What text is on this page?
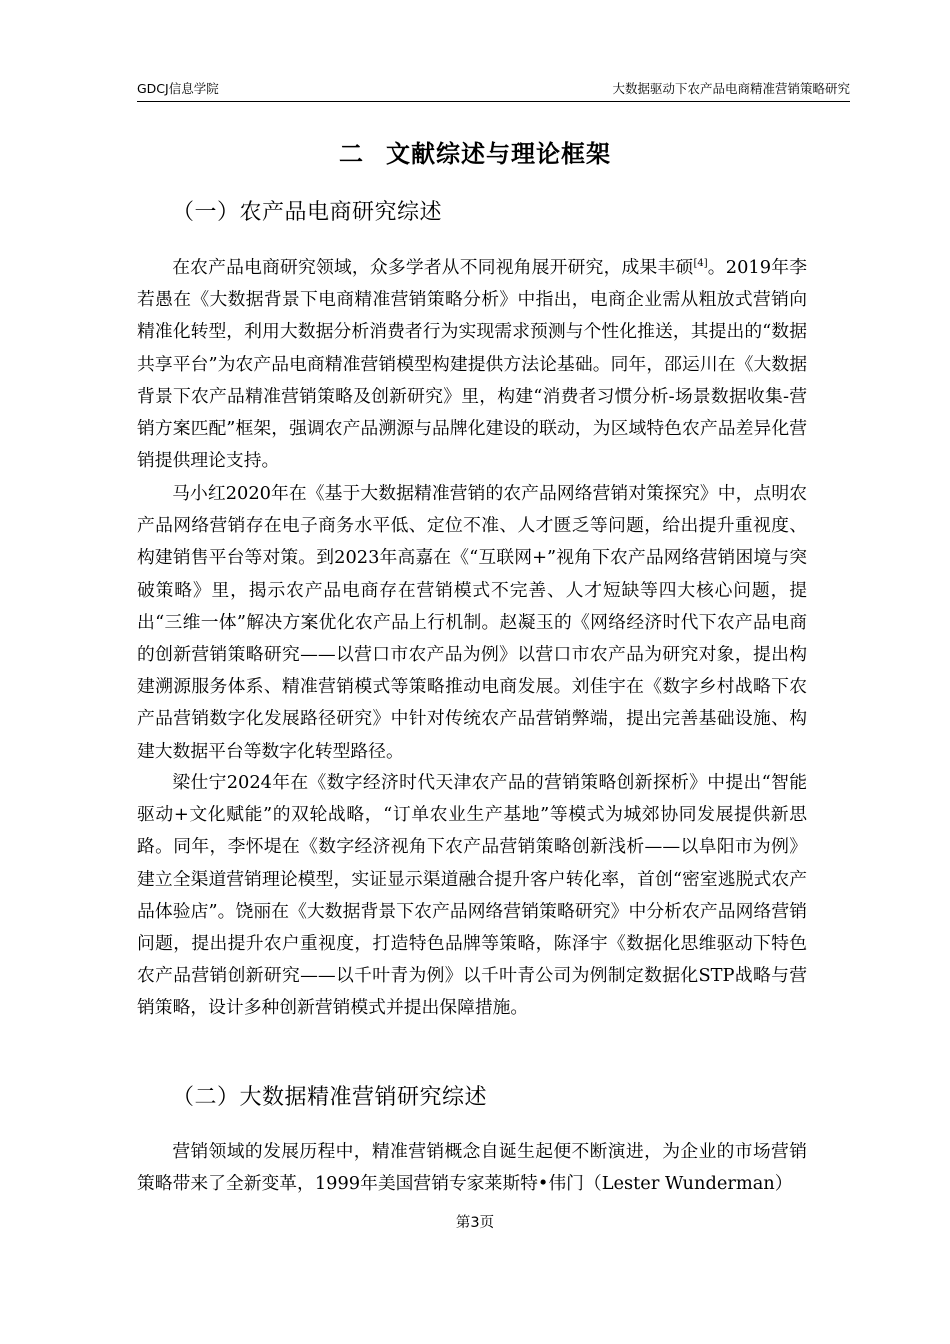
GDCJ信息学院	大数据驱动下农产品电商精准营销策略研究
二 文献综述与理论框架
（一）农产品电商研究综述

在农产品电商研究领域，众多学者从不同视角展开研究，成果丰硕[4]。2019年李若愚在《大数据背景下电商精准营销策略分析》中指出，电商企业需从粗放式营销向精准化转型，利用大数据分析消费者行为实现需求预测与个性化推送，其提出的“数据共享平台”为农产品电商精准营销模型构建提供方法论基础。同年，邵运川在《大数据背景下农产品精准营销策略及创新研究》里，构建“消费者习惯分析-场景数据收集-营销方案匹配”框架，强调农产品溯源与品牌化建设的联动，为区域特色农产品差异化营销提供理论支持。

马小红2020年在《基于大数据精准营销的农产品网络营销对策探究》中，点明农产品网络营销存在电子商务水平低、定位不准、人才匮乏等问题，给出提升重视度、构建销售平台等对策。到2023年高嘉在《“互联网+”视角下农产品网络营销困境与突破策略》里，揭示农产品电商存在营销模式不完善、人才短缺等四大核心问题，提出“三维一体”解决方案优化农产品上行机制。赵凝玉的《网络经济时代下农产品电商的创新营销策略研究——以营口市农产品为例》以营口市农产品为研究对象，提出构建溯源服务体系、精准营销模式等策略推动电商发展。刘佳宇在《数字乡村战略下农产品营销数字化发展路径研究》中针对传统农产品营销弊端，提出完善基础设施、构建大数据平台等数字化转型路径。

梁仕宁2024年在《数字经济时代天津农产品的营销策略创新探析》中提出“智能驱动+文化赋能”的双轮战略，“订单农业生产基地”等模式为城郊协同发展提供新思路。同年，李怀堤在《数字经济视角下农产品营销策略创新浅析——以阜阳市为例》建立全渠道营销理论模型，实证显示渠道融合提升客户转化率，首创“密室逃脱式农产品体验店”。饶丽在《大数据背景下农产品网络营销策略研究》中分析农产品网络营销问题，提出提升农户重视度，打造特色品牌等策略，陈泽宇《数据化思维驱动下特色农产品营销创新研究——以千叶青为例》以千叶青公司为例制定数据化STP战略与营销策略，设计多种创新营销模式并提出保障措施。

（二）大数据精准营销研究综述

营销领域的发展历程中，精准营销概念自诞生起便不断演进，为企业的市场营销策略带来了全新变革，1999年美国营销专家莱斯特•伟门（Lester Wunderman）

第3页
